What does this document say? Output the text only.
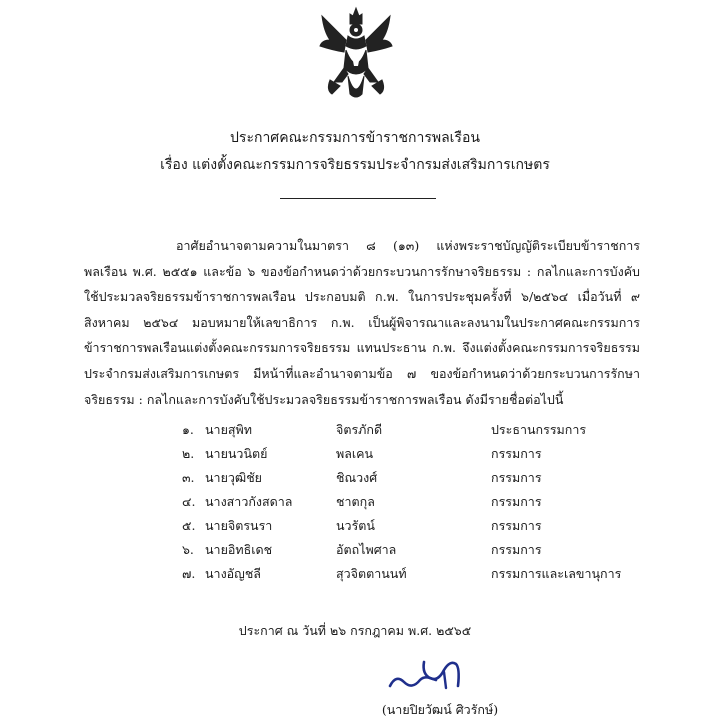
ประกาศคณะกรรมการข้าราชการพลเรือน
เรื่อง แต่งตั้งคณะกรรมการจริยธรรมประจำกรมส่งเสริมการเกษตร

อาศัยอำนาจตามความในมาตรา ๘ (๑๓) แห่งพระราชบัญญัติระเบียบข้าราชการพลเรือน พ.ศ. ๒๕๕๑ และข้อ ๖ ของข้อกำหนดว่าด้วยกระบวนการรักษาจริยธรรม : กลไกและการบังคับใช้ประมวลจริยธรรมข้าราชการพลเรือน ประกอบมติ ก.พ. ในการประชุมครั้งที่ ๖/๒๕๖๔ เมื่อวันที่ ๙ สิงหาคม ๒๕๖๔ มอบหมายให้เลขาธิการ ก.พ. เป็นผู้พิจารณาและลงนามในประกาศคณะกรรมการข้าราชการพลเรือนแต่งตั้งคณะกรรมการจริยธรรม แทนประธาน ก.พ. จึงแต่งตั้งคณะกรรมการจริยธรรมประจำกรมส่งเสริมการเกษตร มีหน้าที่และอำนาจตามข้อ ๗ ของข้อกำหนดว่าด้วยกระบวนการรักษาจริยธรรม : กลไกและการบังคับใช้ประมวลจริยธรรมข้าราชการพลเรือน ดังมีรายชื่อต่อไปนี้

๑. นายสุพิท	จิตรภักดี	ประธานกรรมการ
๒. นายนวนิตย์	พลเคน	กรรมการ
๓. นายวุฒิชัย	ชิณวงศ์	กรรมการ
๔. นางสาวกังสดาล	ชาตกุล	กรรมการ
๕. นายจิตรนรา	นวรัตน์	กรรมการ
๖. นายอิทธิเดช	อัตถไพศาล	กรรมการ
๗. นางอัญชลี	สุวจิตตานนท์	กรรมการและเลขานุการ
ประกาศ ณ วันที่ ๒๖ กรกฎาคม พ.ศ. ๒๕๖๕
(นายปิยวัฒน์ ศิวรักษ์)
